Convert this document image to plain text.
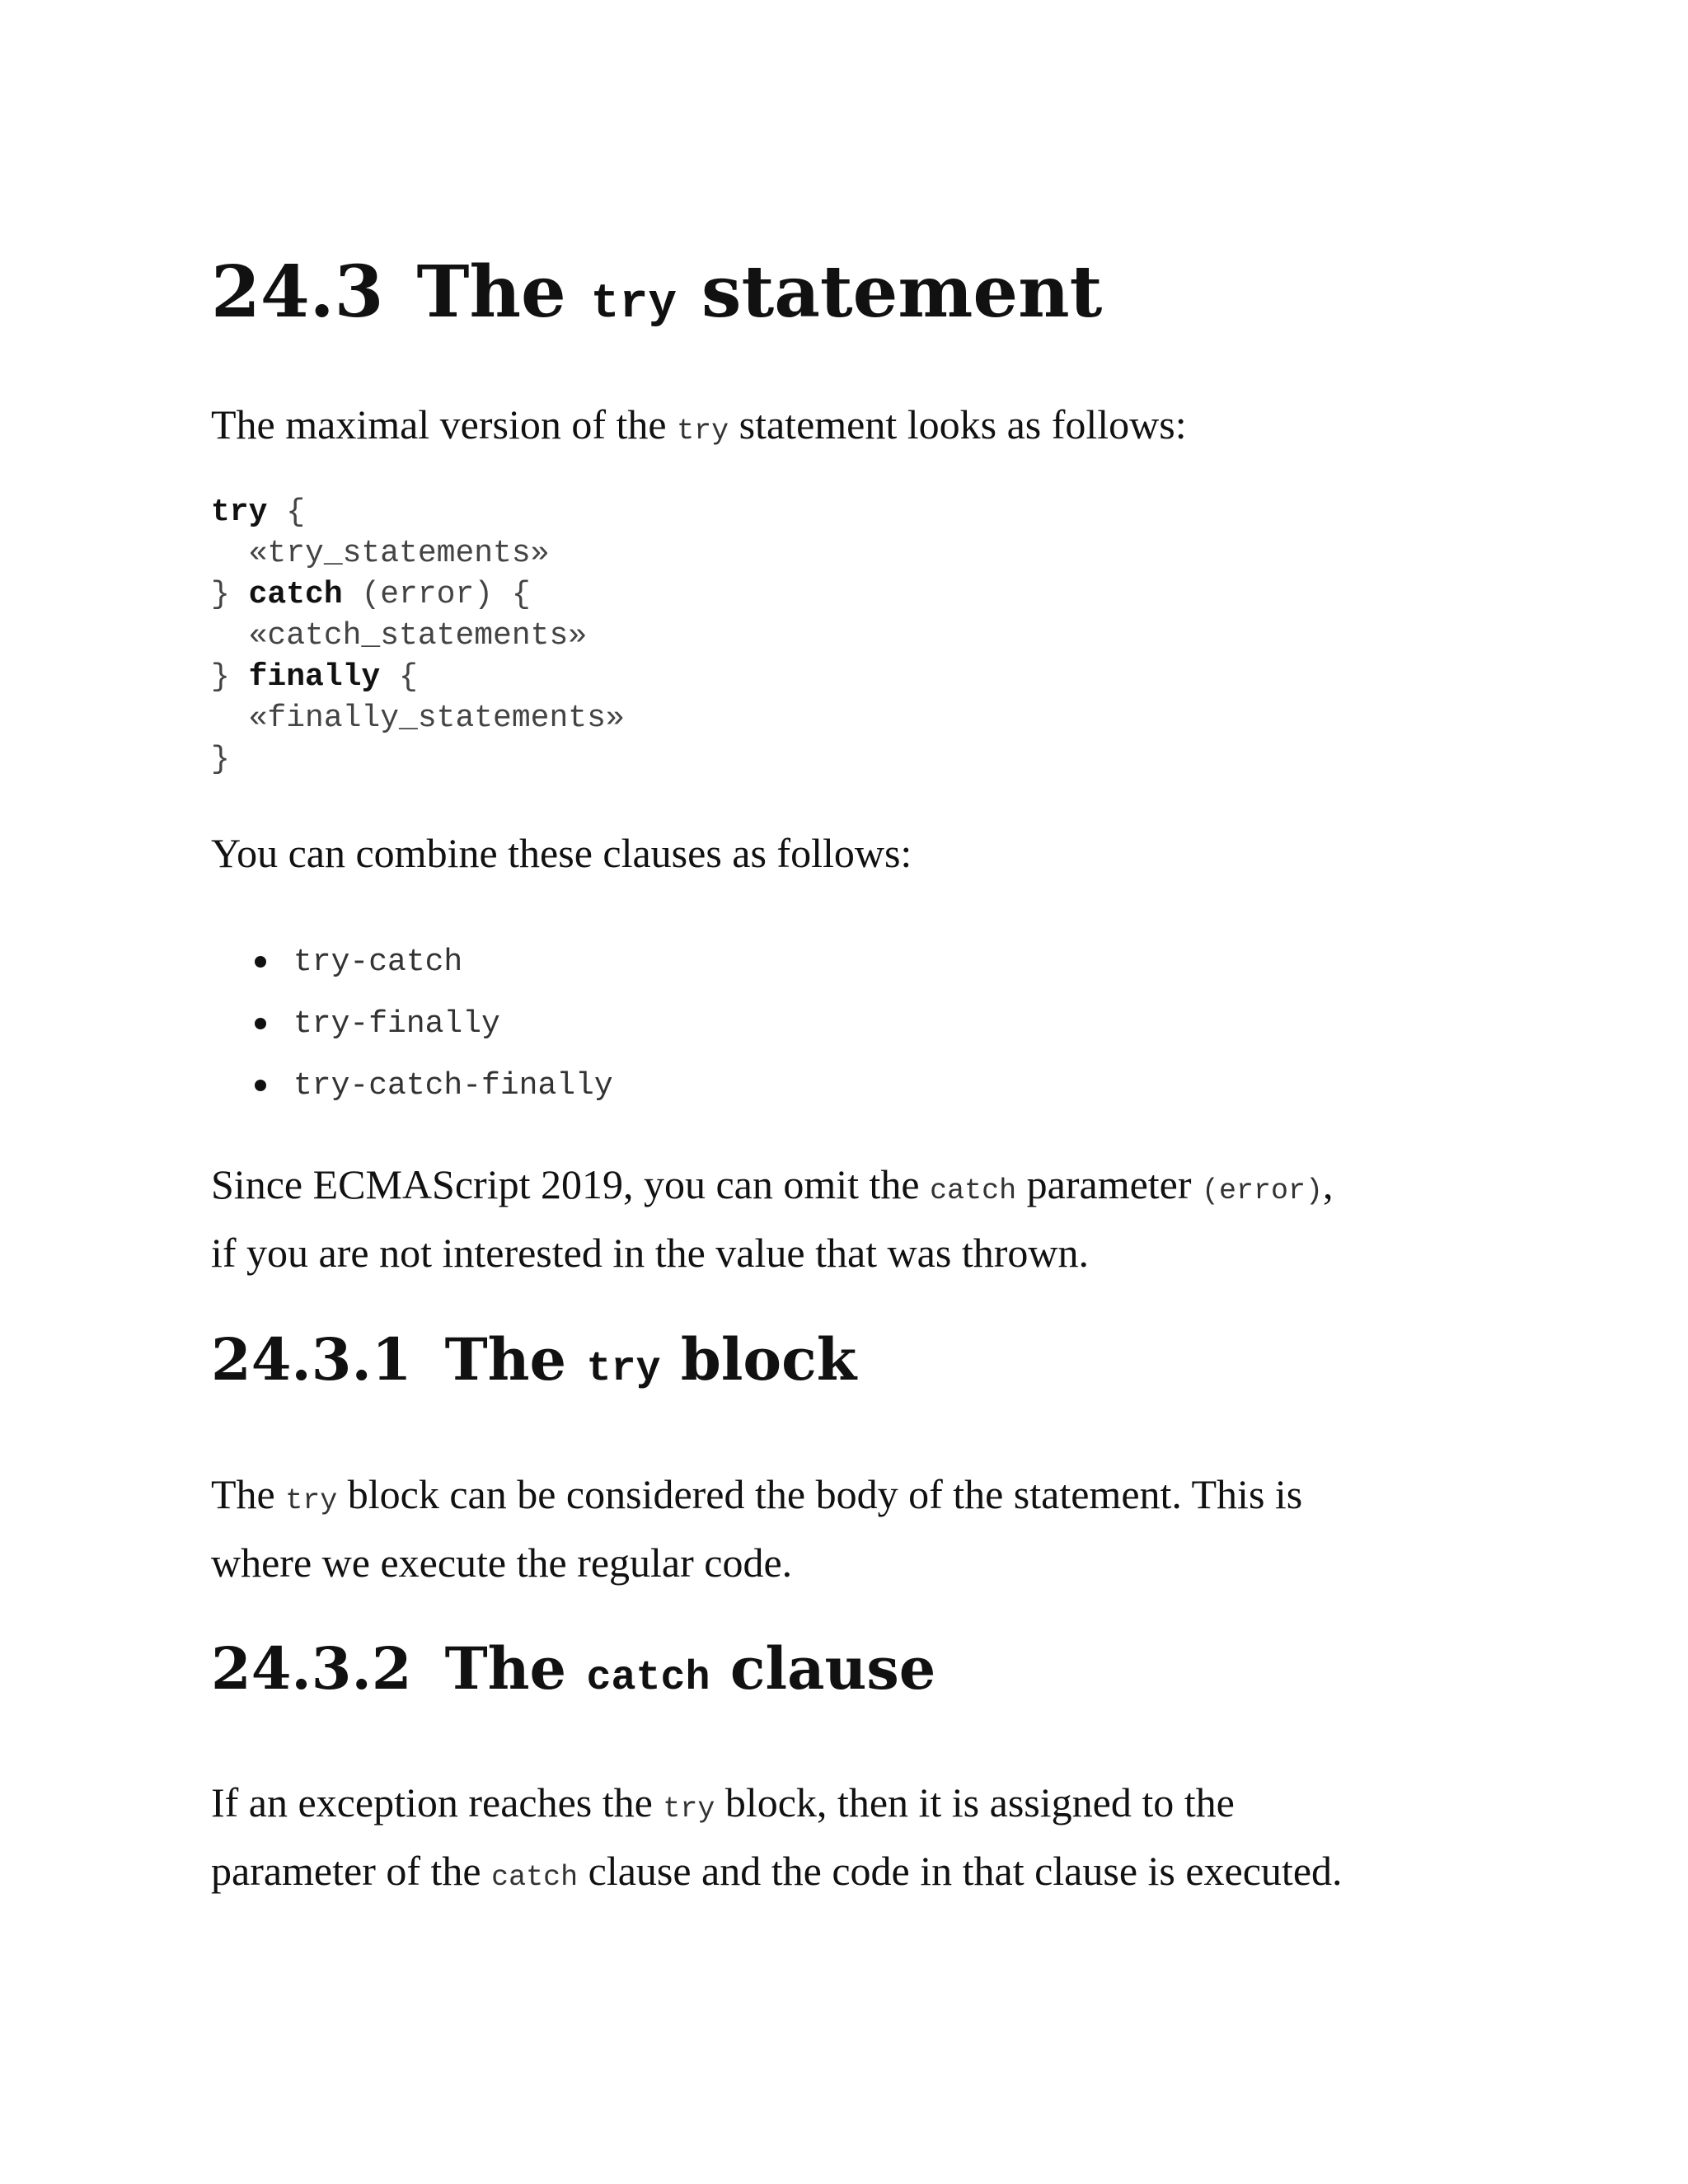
24.3 The try statement

The maximal version of the try statement looks as follows:

try {
«try_statements»
} catch (error) {
«catch_statements»
} finally {
«finally_statements»
}

You can combine these clauses as follows:

try-catch
try-finally
try-catch-finally

Since ECMAScript 2019, you can omit the catch parameter (error),
if you are not interested in the value that was thrown.

24.3.1 The try block

The try block can be considered the body of the statement. This is
where we execute the regular code.

24.3.2 The catch clause

If an exception reaches the try block, then it is assigned to the
parameter of the catch clause and the code in that clause is executed.
